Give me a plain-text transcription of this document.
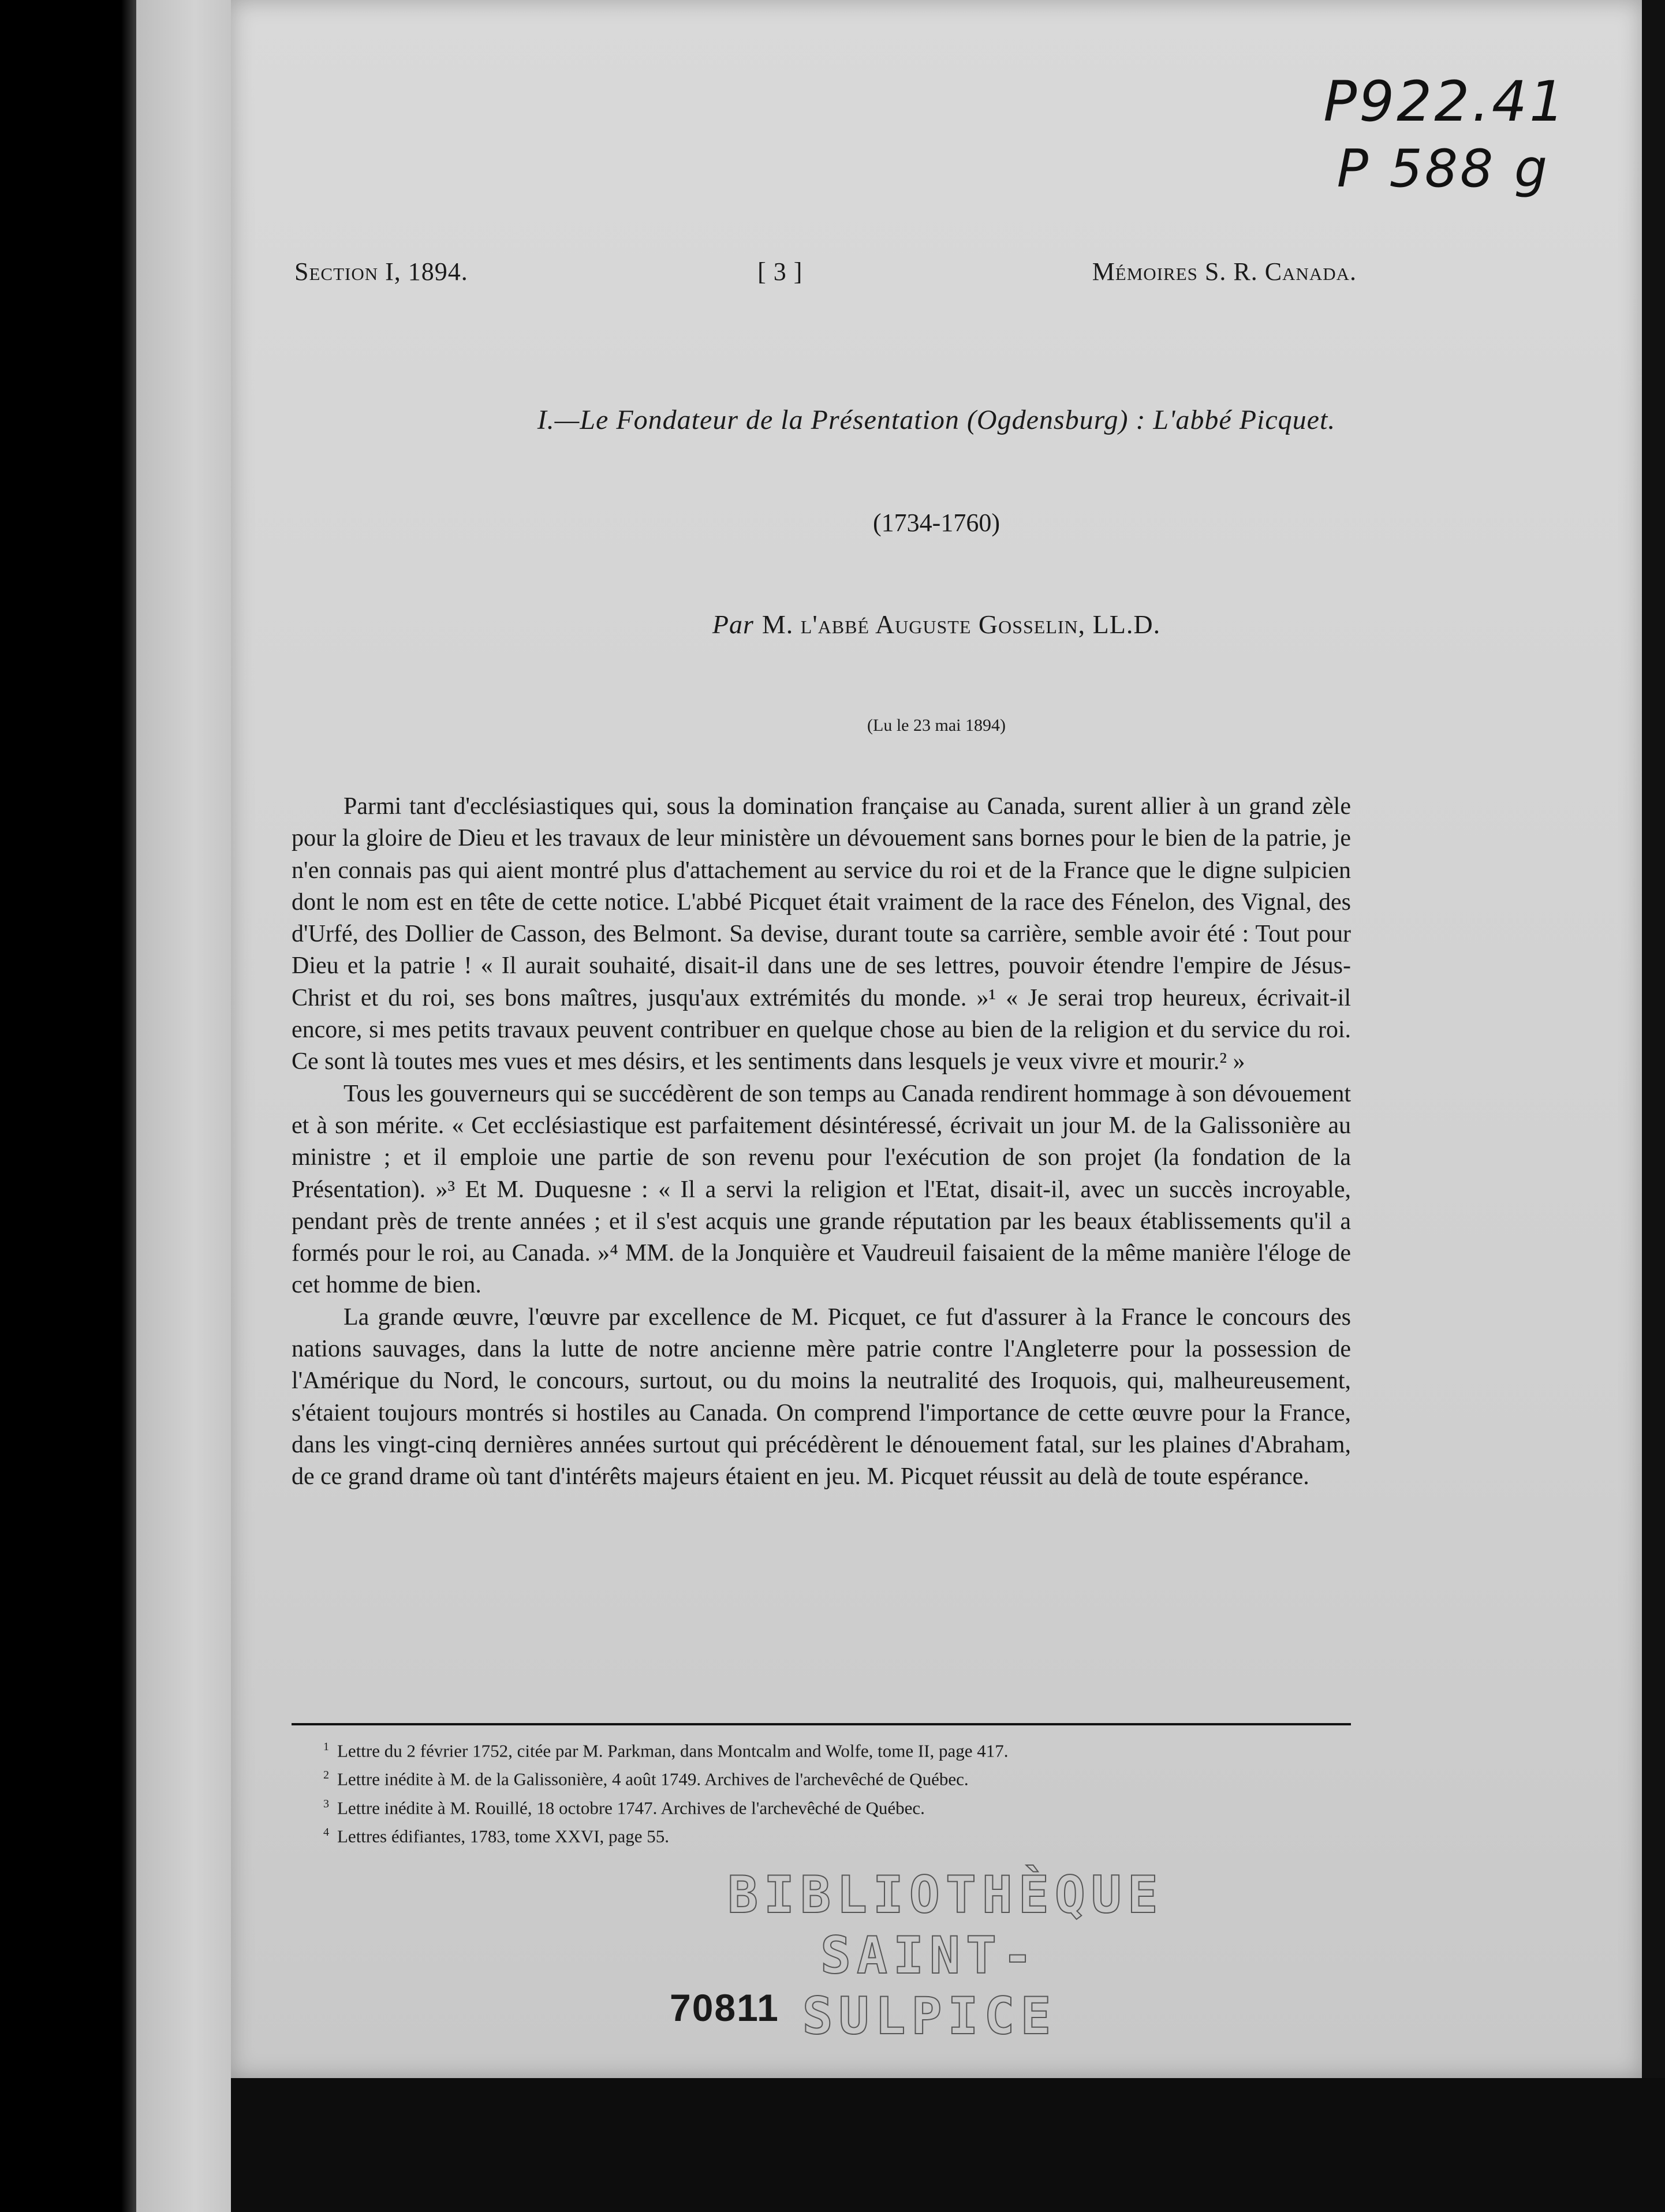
P922.41
P 588 g
Section I, 1894.	[ 3 ]	Mémoires S. R. Canada.
I.—Le Fondateur de la Présentation (Ogdensburg) : L'abbé Picquet.
(1734-1760)
Par M. l'abbé Auguste Gosselin, LL.D.
(Lu le 23 mai 1894)

Parmi tant d'ecclésiastiques qui, sous la domination française au Canada, surent allier à un grand zèle pour la gloire de Dieu et les travaux de leur ministère un dévouement sans bornes pour le bien de la patrie, je n'en connais pas qui aient montré plus d'attachement au service du roi et de la France que le digne sulpicien dont le nom est en tête de cette notice. L'abbé Picquet était vraiment de la race des Fénelon, des Vignal, des d'Urfé, des Dollier de Casson, des Belmont. Sa devise, durant toute sa carrière, semble avoir été : Tout pour Dieu et la patrie ! « Il aurait souhaité, disait-il dans une de ses lettres, pouvoir étendre l'empire de Jésus-Christ et du roi, ses bons maîtres, jusqu'aux extrémités du monde. »¹ « Je serai trop heureux, écrivait-il encore, si mes petits travaux peuvent contribuer en quelque chose au bien de la religion et du service du roi. Ce sont là toutes mes vues et mes désirs, et les sentiments dans lesquels je veux vivre et mourir.² »

Tous les gouverneurs qui se succédèrent de son temps au Canada rendirent hommage à son dévouement et à son mérite. « Cet ecclésiastique est parfaitement désintéressé, écrivait un jour M. de la Galissonière au ministre ; et il emploie une partie de son revenu pour l'exécution de son projet (la fondation de la Présentation). »³ Et M. Duquesne : « Il a servi la religion et l'Etat, disait-il, avec un succès incroyable, pendant près de trente années ; et il s'est acquis une grande réputation par les beaux établissements qu'il a formés pour le roi, au Canada. »⁴ MM. de la Jonquière et Vaudreuil faisaient de la même manière l'éloge de cet homme de bien.

La grande œuvre, l'œuvre par excellence de M. Picquet, ce fut d'assurer à la France le concours des nations sauvages, dans la lutte de notre ancienne mère patrie contre l'Angleterre pour la possession de l'Amérique du Nord, le concours, surtout, ou du moins la neutralité des Iroquois, qui, malheureusement, s'étaient toujours montrés si hostiles au Canada. On comprend l'importance de cette œuvre pour la France, dans les vingt-cinq dernières années surtout qui précédèrent le dénouement fatal, sur les plaines d'Abraham, de ce grand drame où tant d'intérêts majeurs étaient en jeu. M. Picquet réussit au delà de toute espérance.

$^1$ Lettre du 2 février 1752, citée par M. Parkman, dans Montcalm and Wolfe, tome II, page 417.
$^2$ Lettre inédite à M. de la Galissonière, 4 août 1749. Archives de l'archevêché de Québec.
$^3$ Lettre inédite à M. Rouillé, 18 octobre 1747. Archives de l'archevêché de Québec.
$^4$ Lettres édifiantes, 1783, tome XXVI, page 55.
BIBLIOTHÈQUE
SAINT-SULPICE
70811
